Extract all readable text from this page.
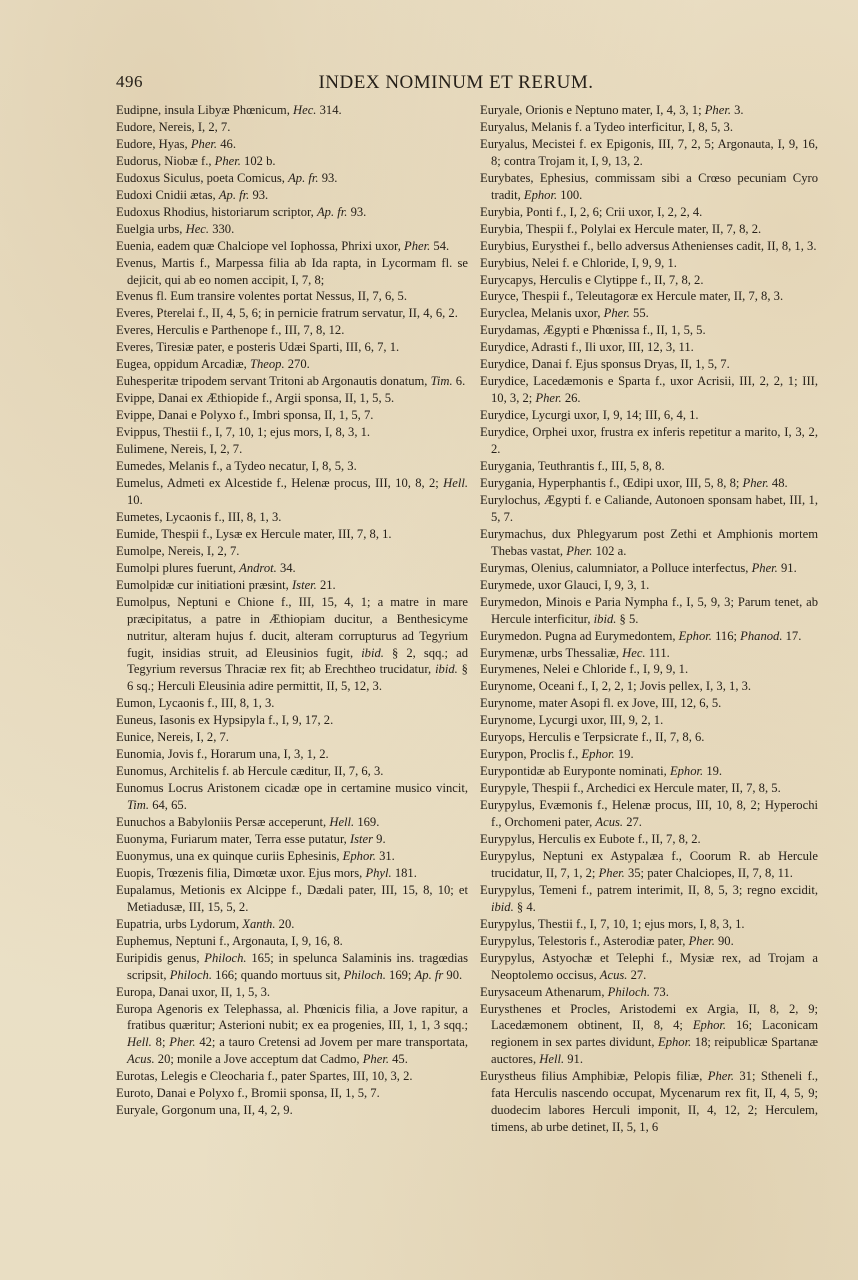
496	INDEX NOMINUM ET RERUM.

Eudipne, insula Libyæ Phœnicum, Hec. 314.

Eudore, Nereis, I, 2, 7.

Eudore, Hyas, Pher. 46.

Eudorus, Niobæ f., Pher. 102 b.

Eudoxus Siculus, poeta Comicus, Ap. fr. 93.

Eudoxi Cnidii ætas, Ap. fr. 93.

Eudoxus Rhodius, historiarum scriptor, Ap. fr. 93.

Euelgia urbs, Hec. 330.

Euenia, eadem quæ Chalciope vel Iophossa, Phrixi uxor, Pher. 54.

Evenus, Martis f., Marpessa filia ab Ida rapta, in Lycormam fl. se dejicit, qui ab eo nomen accipit, I, 7, 8;

Evenus fl. Eum transire volentes portat Nessus, II, 7, 6, 5.

Everes, Pterelai f., II, 4, 5, 6; in pernicie fratrum servatur, II, 4, 6, 2.

Everes, Herculis e Parthenope f., III, 7, 8, 12.

Everes, Tiresiæ pater, e posteris Udæi Sparti, III, 6, 7, 1.

Eugea, oppidum Arcadiæ, Theop. 270.

Euhesperitæ tripodem servant Tritoni ab Argonautis donatum, Tim. 6.

Evippe, Danai ex Æthiopide f., Argii sponsa, II, 1, 5, 5.

Evippe, Danai e Polyxo f., Imbri sponsa, II, 1, 5, 7.

Evippus, Thestii f., I, 7, 10, 1; ejus mors, I, 8, 3, 1.

Eulimene, Nereis, I, 2, 7.

Eumedes, Melanis f., a Tydeo necatur, I, 8, 5, 3.

Eumelus, Admeti ex Alcestide f., Helenæ procus, III, 10, 8, 2; Hell. 10.

Eumetes, Lycaonis f., III, 8, 1, 3.

Eumide, Thespii f., Lysæ ex Hercule mater, III, 7, 8, 1.

Eumolpe, Nereis, I, 2, 7.

Eumolpi plures fuerunt, Androt. 34.

Eumolpidæ cur initiationi præsint, Ister. 21.

Eumolpus, Neptuni e Chione f., III, 15, 4, 1; a matre in mare præcipitatus, a patre in Æthiopiam ducitur, a Benthesicyme nutritur, alteram hujus f. ducit, alteram corrupturus ad Tegyrium fugit, insidias struit, ad Eleusinios fugit, ibid. § 2, sqq.; ad Tegyrium reversus Thraciæ rex fit; ab Erechtheo trucidatur, ibid. § 6 sq.; Herculi Eleusinia adire permittit, II, 5, 12, 3.

Eumon, Lycaonis f., III, 8, 1, 3.

Euneus, Iasonis ex Hypsipyla f., I, 9, 17, 2.

Eunice, Nereis, I, 2, 7.

Eunomia, Jovis f., Horarum una, I, 3, 1, 2.

Eunomus, Architelis f. ab Hercule cæditur, II, 7, 6, 3.

Eunomus Locrus Aristonem cicadæ ope in certamine musico vincit, Tim. 64, 65.

Eunuchos a Babyloniis Persæ acceperunt, Hell. 169.

Euonyma, Furiarum mater, Terra esse putatur, Ister 9.

Euonymus, una ex quinque curiis Ephesinis, Ephor. 31.

Euopis, Trœzenis filia, Dimœtæ uxor. Ejus mors, Phyl. 181.

Eupalamus, Metionis ex Alcippe f., Dædali pater, III, 15, 8, 10; et Metiadusæ, III, 15, 5, 2.

Eupatria, urbs Lydorum, Xanth. 20.

Euphemus, Neptuni f., Argonauta, I, 9, 16, 8.

Euripidis genus, Philoch. 165; in spelunca Salaminis ins. tragœdias scripsit, Philoch. 166; quando mortuus sit, Philoch. 169; Ap. fr 90.

Europa, Danai uxor, II, 1, 5, 3.

Europa Agenoris ex Telephassa, al. Phœnicis filia, a Jove rapitur, a fratibus quæritur; Asterioni nubit; ex ea progenies, III, 1, 1, 3 sqq.; Hell. 8; Pher. 42; a tauro Cretensi ad Jovem per mare transportata, Acus. 20; monile a Jove acceptum dat Cadmo, Pher. 45.

Eurotas, Lelegis e Cleocharia f., pater Spartes, III, 10, 3, 2.

Euroto, Danai e Polyxo f., Bromii sponsa, II, 1, 5, 7.

Euryale, Gorgonum una, II, 4, 2, 9.

Euryale, Orionis e Neptuno mater, I, 4, 3, 1; Pher. 3.

Euryalus, Melanis f. a Tydeo interficitur, I, 8, 5, 3.

Euryalus, Mecistei f. ex Epigonis, III, 7, 2, 5; Argonauta, I, 9, 16, 8; contra Trojam it, I, 9, 13, 2.

Eurybates, Ephesius, commissam sibi a Crœso pecuniam Cyro tradit, Ephor. 100.

Eurybia, Ponti f., I, 2, 6; Crii uxor, I, 2, 2, 4.

Eurybia, Thespii f., Polylai ex Hercule mater, II, 7, 8, 2.

Eurybius, Eurysthei f., bello adversus Athenienses cadit, II, 8, 1, 3.

Eurybius, Nelei f. e Chloride, I, 9, 9, 1.

Eurycapys, Herculis e Clytippe f., II, 7, 8, 2.

Euryce, Thespii f., Teleutagoræ ex Hercule mater, II, 7, 8, 3.

Euryclea, Melanis uxor, Pher. 55.

Eurydamas, Ægypti e Phœnissa f., II, 1, 5, 5.

Eurydice, Adrasti f., Ili uxor, III, 12, 3, 11.

Eurydice, Danai f. Ejus sponsus Dryas, II, 1, 5, 7.

Eurydice, Lacedæmonis e Sparta f., uxor Acrisii, III, 2, 2, 1; III, 10, 3, 2; Pher. 26.

Eurydice, Lycurgi uxor, I, 9, 14; III, 6, 4, 1.

Eurydice, Orphei uxor, frustra ex inferis repetitur a marito, I, 3, 2, 2.

Eurygania, Teuthrantis f., III, 5, 8, 8.

Eurygania, Hyperphantis f., Œdipi uxor, III, 5, 8, 8; Pher. 48.

Eurylochus, Ægypti f. e Caliande, Autonoen sponsam habet, III, 1, 5, 7.

Eurymachus, dux Phlegyarum post Zethi et Amphionis mortem Thebas vastat, Pher. 102 a.

Eurymas, Olenius, calumniator, a Polluce interfectus, Pher. 91.

Eurymede, uxor Glauci, I, 9, 3, 1.

Eurymedon, Minois e Paria Nympha f., I, 5, 9, 3; Parum tenet, ab Hercule interficitur, ibid. § 5.

Eurymedon. Pugna ad Eurymedontem, Ephor. 116; Phanod. 17.

Eurymenæ, urbs Thessaliæ, Hec. 111.

Eurymenes, Nelei e Chloride f., I, 9, 9, 1.

Eurynome, Oceani f., I, 2, 2, 1; Jovis pellex, I, 3, 1, 3.

Eurynome, mater Asopi fl. ex Jove, III, 12, 6, 5.

Eurynome, Lycurgi uxor, III, 9, 2, 1.

Euryops, Herculis e Terpsicrate f., II, 7, 8, 6.

Eurypon, Proclis f., Ephor. 19.

Eurypontidæ ab Euryponte nominati, Ephor. 19.

Eurypyle, Thespii f., Archedici ex Hercule mater, II, 7, 8, 5.

Eurypylus, Evæmonis f., Helenæ procus, III, 10, 8, 2; Hyperochi f., Orchomeni pater, Acus. 27.

Eurypylus, Herculis ex Eubote f., II, 7, 8, 2.

Eurypylus, Neptuni ex Astypalæa f., Coorum R. ab Hercule trucidatur, II, 7, 1, 2; Pher. 35; pater Chalciopes, II, 7, 8, 11.

Eurypylus, Temeni f., patrem interimit, II, 8, 5, 3; regno excidit, ibid. § 4.

Eurypylus, Thestii f., I, 7, 10, 1; ejus mors, I, 8, 3, 1.

Eurypylus, Telestoris f., Asterodiæ pater, Pher. 90.

Eurypylus, Astyochæ et Telephi f., Mysiæ rex, ad Trojam a Neoptolemo occisus, Acus. 27.

Eurysaceum Athenarum, Philoch. 73.

Eurysthenes et Procles, Aristodemi ex Argia, II, 8, 2, 9; Lacedæmonem obtinent, II, 8, 4; Ephor. 16; Laconicam regionem in sex partes dividunt, Ephor. 18; reipublicæ Spartanæ auctores, Hell. 91.

Eurystheus filius Amphibiæ, Pelopis filiæ, Pher. 31; Stheneli f., fata Herculis nascendo occupat, Mycenarum rex fit, II, 4, 5, 9; duodecim labores Herculi imponit, II, 4, 12, 2; Herculem, timens, ab urbe detinet, II, 5, 1, 6
